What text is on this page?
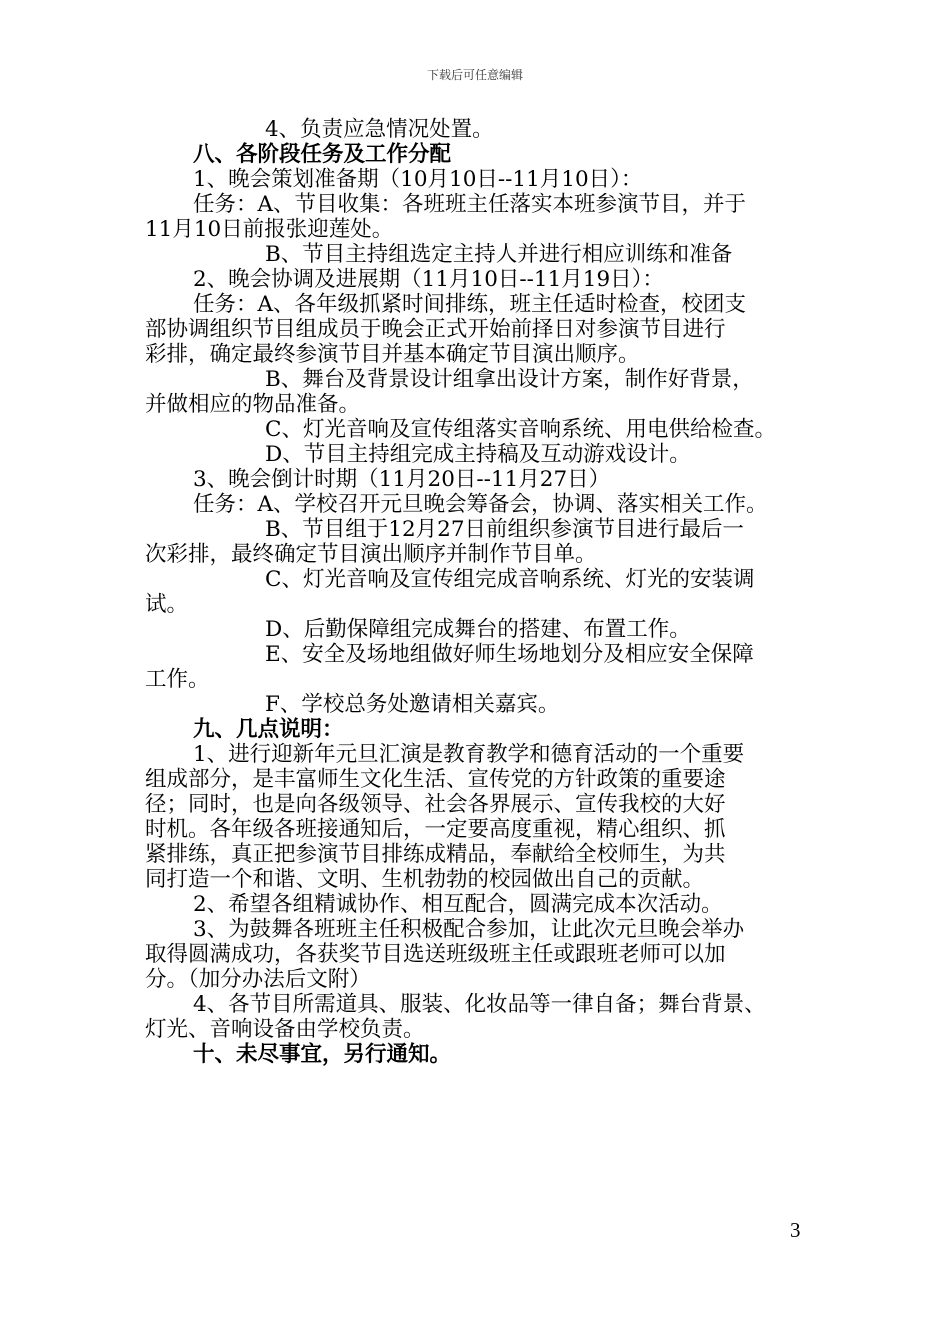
下载后可任意编辑
4、负责应急情况处置。
八、各阶段任务及工作分配
1、晚会策划准备期（10月10日--11月10日）：
任务：A、节目收集：各班班主任落实本班参演节目，并于
11月10日前报张迎莲处。
B、节目主持组选定主持人并进行相应训练和准备
2、晚会协调及进展期（11月10日--11月19日）：
任务：A、各年级抓紧时间排练，班主任适时检查，校团支
部协调组织节目组成员于晚会正式开始前择日对参演节目进行
彩排，确定最终参演节目并基本确定节目演出顺序。
B、舞台及背景设计组拿出设计方案，制作好背景，
并做相应的物品准备。
C、灯光音响及宣传组落实音响系统、用电供给检查。
D、节目主持组完成主持稿及互动游戏设计。
3、晚会倒计时期（11月20日--11月27日）
任务：A、学校召开元旦晚会筹备会，协调、落实相关工作。
B、节目组于12月27日前组织参演节目进行最后一
次彩排，最终确定节目演出顺序并制作节目单。
C、灯光音响及宣传组完成音响系统、灯光的安装调
试。
D、后勤保障组完成舞台的搭建、布置工作。
E、安全及场地组做好师生场地划分及相应安全保障
工作。
F、学校总务处邀请相关嘉宾。
九、几点说明：
1、进行迎新年元旦汇演是教育教学和德育活动的一个重要
组成部分，是丰富师生文化生活、宣传党的方针政策的重要途
径；同时，也是向各级领导、社会各界展示、宣传我校的大好
时机。各年级各班接通知后，一定要高度重视，精心组织、抓
紧排练，真正把参演节目排练成精品，奉献给全校师生，为共
同打造一个和谐、文明、生机勃勃的校园做出自己的贡献。
2、希望各组精诚协作、相互配合，圆满完成本次活动。
3、为鼓舞各班班主任积极配合参加，让此次元旦晚会举办
取得圆满成功，各获奖节目选送班级班主任或跟班老师可以加
分。（加分办法后文附）
4、各节目所需道具、服装、化妆品等一律自备；舞台背景、
灯光、音响设备由学校负责。
十、未尽事宜，另行通知。
3
